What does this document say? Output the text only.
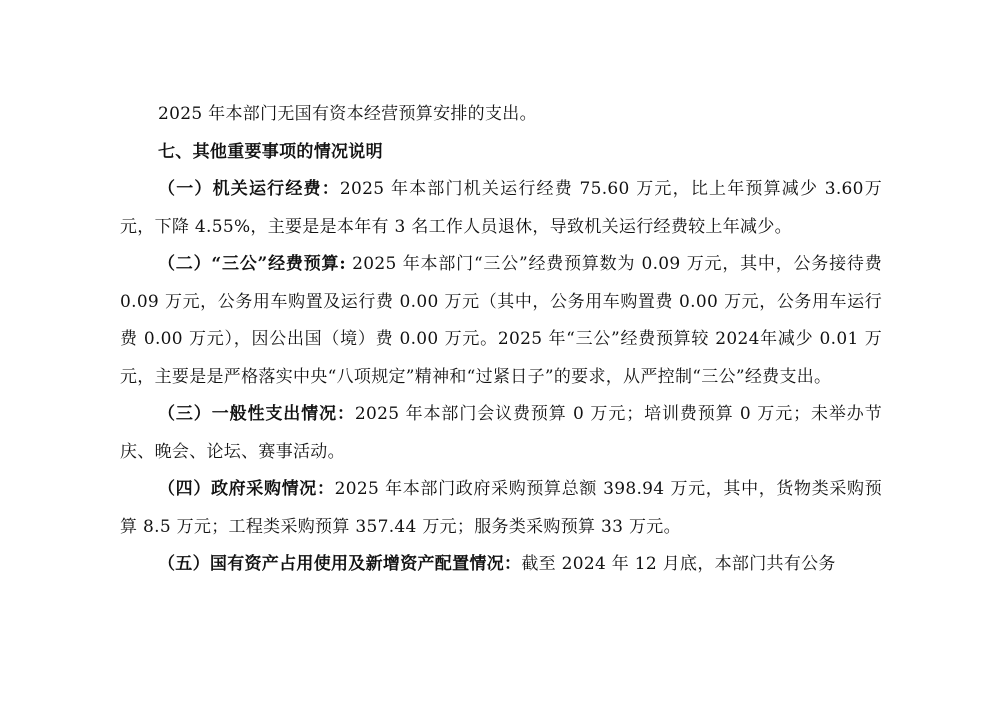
2025 年本部门无国有资本经营预算安排的支出。

七、其他重要事项的情况说明

（一）机关运行经费：2025 年本部门机关运行经费 75.60 万元，比上年预算减少 3.60万元，下降 4.55%，主要是是本年有 3 名工作人员退休，导致机关运行经费较上年减少。

（二）“三公”经费预算: 2025 年本部门“三公”经费预算数为 0.09 万元，其中，公务接待费 0.09 万元，公务用车购置及运行费 0.00 万元（其中，公务用车购置费 0.00 万元，公务用车运行费 0.00 万元），因公出国（境）费 0.00 万元。2025 年“三公”经费预算较 2024年减少 0.01 万元，主要是是严格落实中央“八项规定”精神和“过紧日子”的要求，从严控制“三公”经费支出。

（三）一般性支出情况：2025 年本部门会议费预算 0 万元；培训费预算 0 万元；未举办节庆、晚会、论坛、赛事活动。

（四）政府采购情况：2025 年本部门政府采购预算总额 398.94 万元，其中，货物类采购预算 8.5 万元；工程类采购预算 357.44 万元；服务类采购预算 33 万元。

（五）国有资产占用使用及新增资产配置情况：截至 2024 年 12 月底，本部门共有公务
